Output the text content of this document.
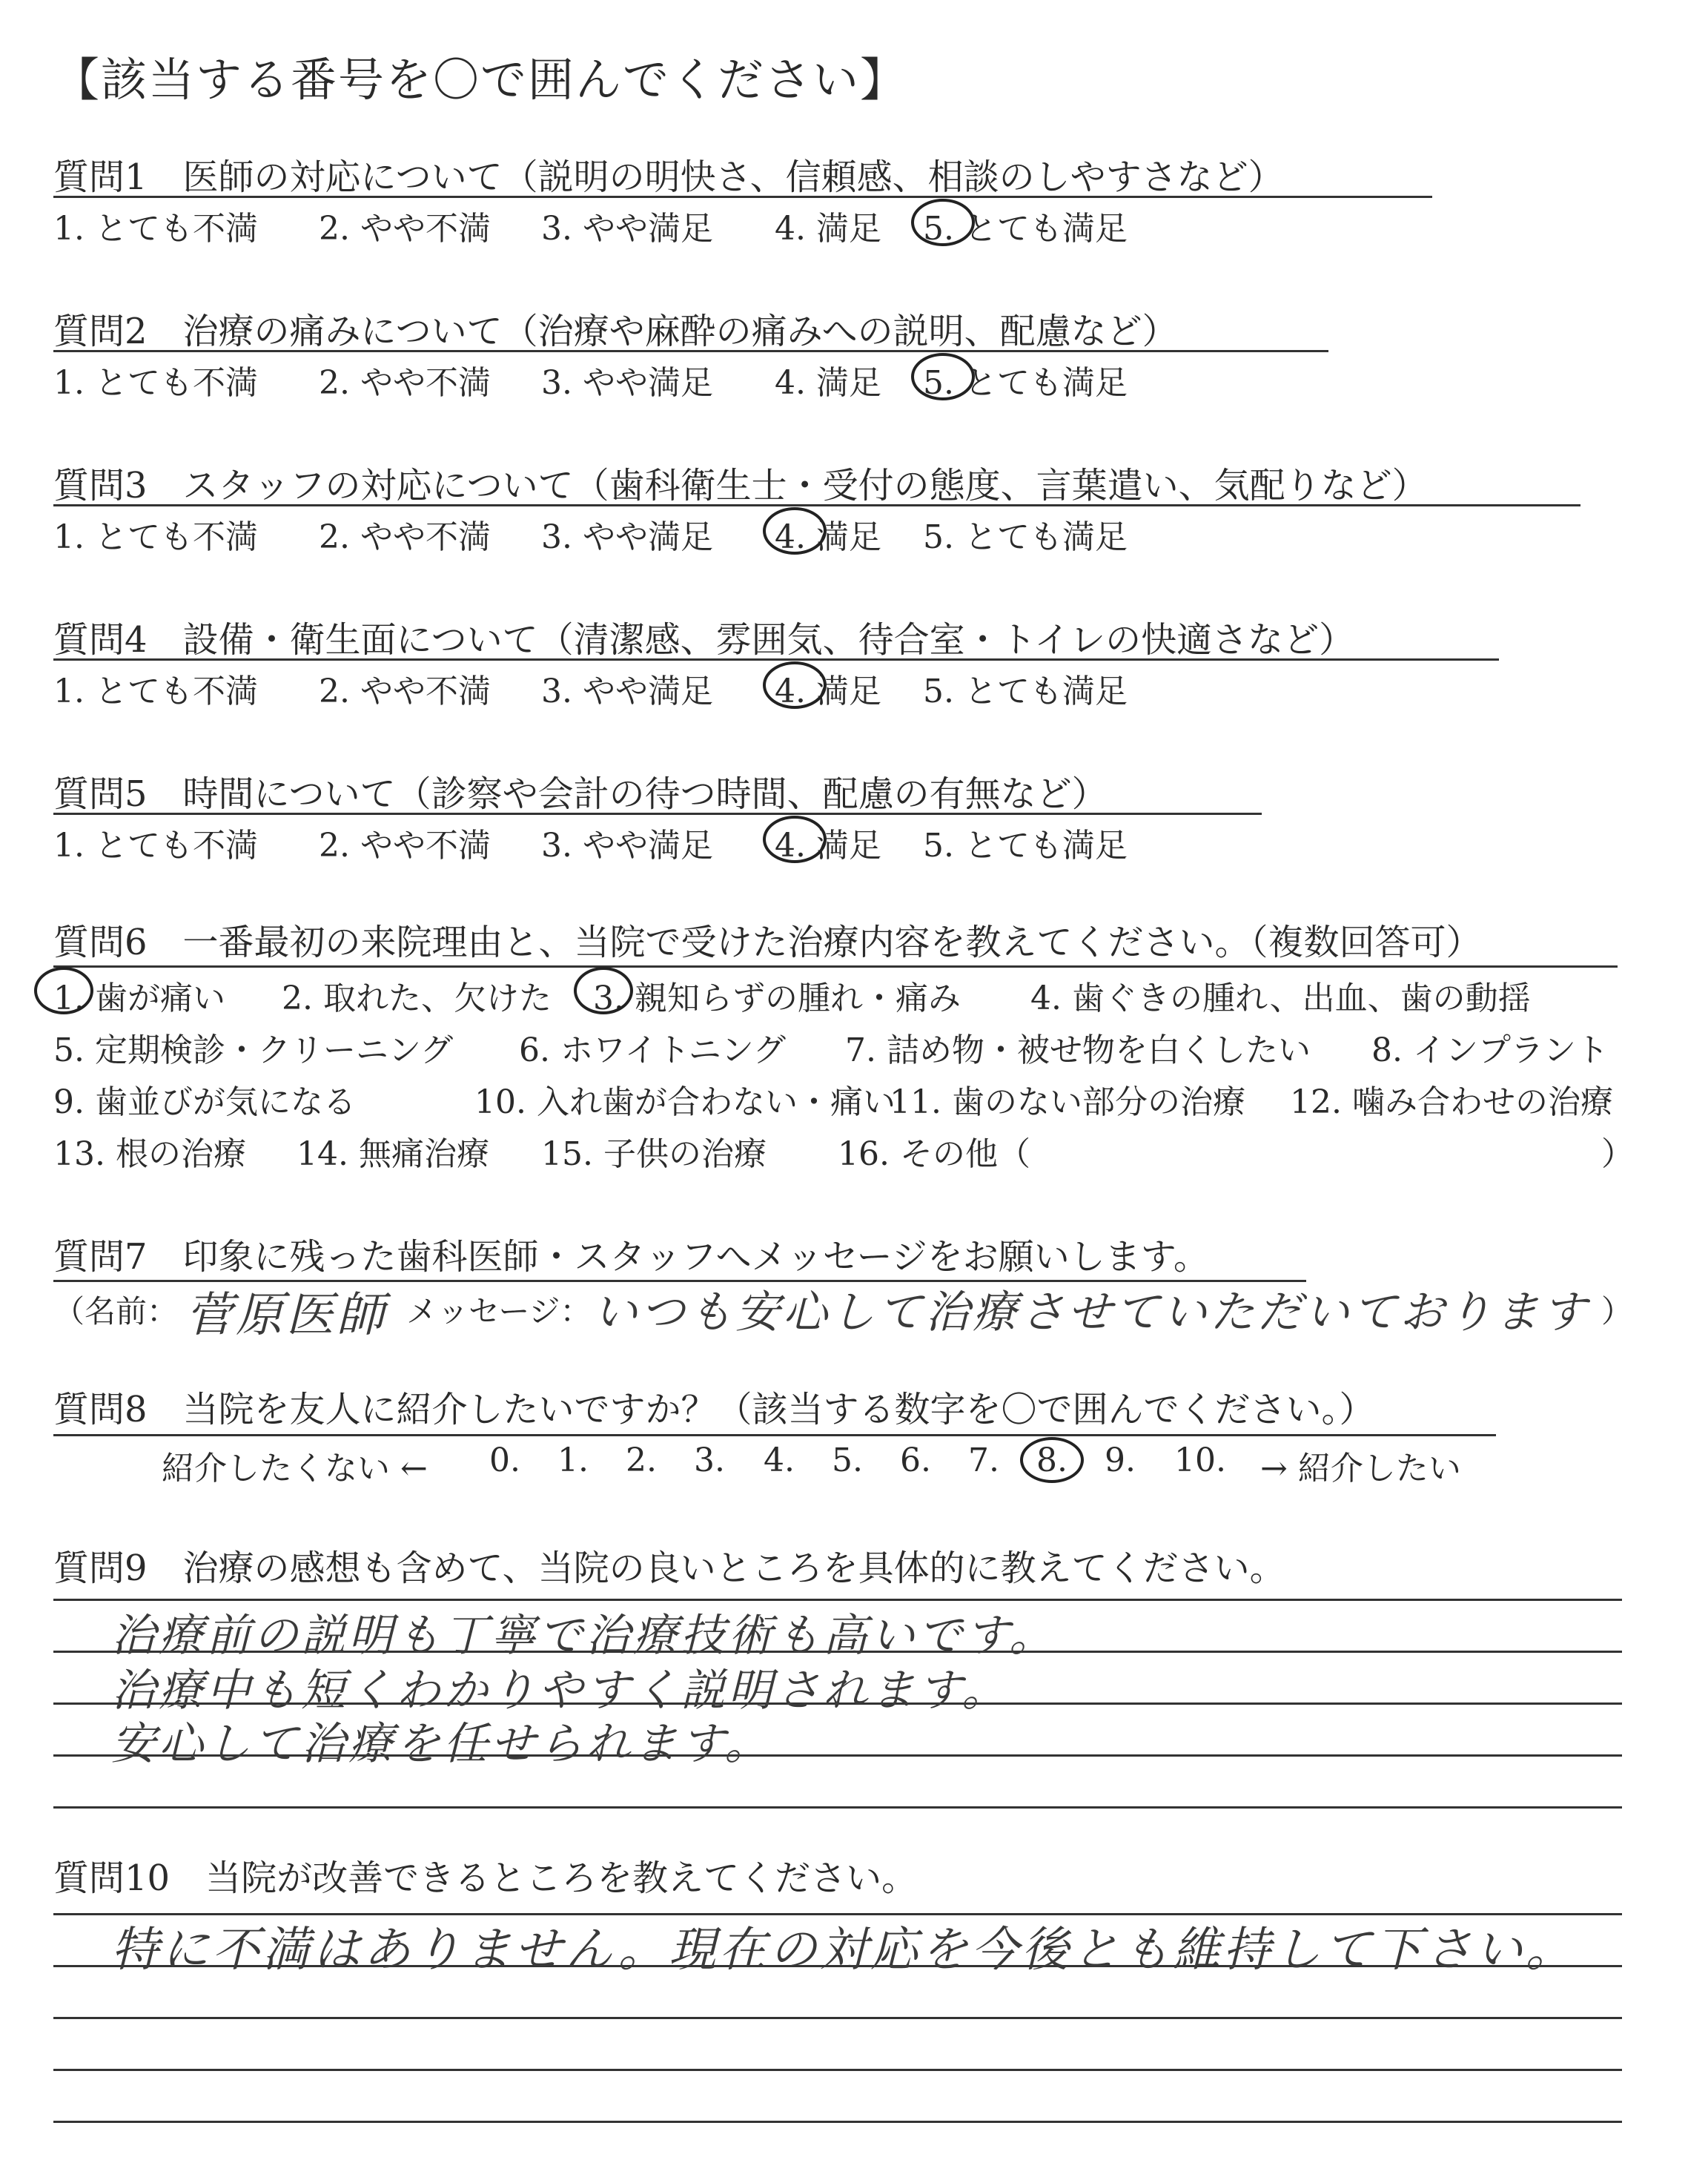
【該当する番号を〇で囲んでください】
質問1　医師の対応について（説明の明快さ、信頼感、相談のしやすさなど）
1. とても不満 2. やや不満 3. やや満足 4. 満足 5. とても満足
質問2　治療の痛みについて（治療や麻酔の痛みへの説明、配慮など）
1. とても不満 2. やや不満 3. やや満足 4. 満足 5. とても満足
質問3　スタッフの対応について（歯科衛生士・受付の態度、言葉遣い、気配りなど）
1. とても不満 2. やや不満 3. やや満足 4. 満足 5. とても満足
質問4　設備・衛生面について（清潔感、雰囲気、待合室・トイレの快適さなど）
1. とても不満 2. やや不満 3. やや満足 4. 満足 5. とても満足
質問5　時間について（診察や会計の待つ時間、配慮の有無など）
1. とても不満 2. やや不満 3. やや満足 4. 満足 5. とても満足
質問6　一番最初の来院理由と、当院で受けた治療内容を教えてください。（複数回答可）
1. 歯が痛い 2. 取れた、欠けた 3. 親知らずの腫れ・痛み 4. 歯ぐきの腫れ、出血、歯の動揺
5. 定期検診・クリーニング 6. ホワイトニング 7. 詰め物・被せ物を白くしたい 8. インプラント
9. 歯並びが気になる	10. 入れ歯が合わない・痛い
11. 歯のない部分の治療 12. 噛み合わせの治療
13. 根の治療 14. 無痛治療 15. 子供の治療 16. その他（	）
質問7　印象に残った歯科医師・スタッフへメッセージをお願いします。
（名前： 菅原医師 メッセージ： いつも安心して治療させていただいております ）
質問8　当院を友人に紹介したいですか？（該当する数字を〇で囲んでください。）
紹介したくない ← 0. 1. 2. 3. 4. 5. 6. 7. 8. 9. 10. → 紹介したい
質問9　治療の感想も含めて、当院の良いところを具体的に教えてください。
治療前の説明も丁寧で治療技術も高いです。
治療中も短くわかりやすく説明されます。
安心して治療を任せられます。
質問10　当院が改善できるところを教えてください。
特に不満はありません。現在の対応を今後とも維持して下さい。
